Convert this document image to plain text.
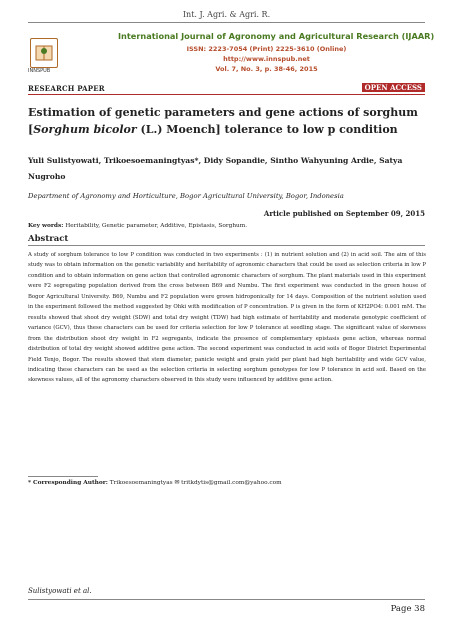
Int. J. Agri. & Agri. R.
INNSPUB
International Journal of Agronomy and Agricultural Research (IJAAR)
ISSN: 2223-7054 (Print) 2225-3610 (Online)
http://www.innspub.net
Vol. 7, No. 3, p. 38-46, 2015
RESEARCH PAPER	OPEN ACCESS
Estimation of genetic parameters and gene actions of sorghum
[Sorghum bicolor (L.) Moench] tolerance to low p condition
Yuli Sulistyowati, Trikoesoemaningtyas*, Didy Sopandie, Sintho Wahyuning Ardie, Satya Nugroho
Department of Agronomy and Horticulture, Bogor Agricultural University, Bogor, Indonesia
Article published on September 09, 2015
Key words: Heritability, Genetic parameter, Additive, Epistasis, Sorghum.
Abstract

A study of sorghum tolerance to low P condition was conducted in two experiments : (1) in nutrient solution and (2) in acid soil. The aim of this study was to obtain information on the genetic variability and heritability of agronomic characters that could be used as selection criteria in low P condition and to obtain information on gene action that controlled agronomic characters of sorghum. The plant materials used in this experiment were F2 segregating population derived from the cross between B69 and Numbu. The first experiment was conducted in the green house of Bogor Agricultural University. B69, Numbu and F2 population were grown hidroponically for 14 days. Composition of the nutrient solution used in the experiment followed the method suggested by Ohki with modification of P concentration. P is given in the form of KH2PO4: 0.001 mM. The results showed that shoot dry weight (SDW) and total dry weight (TDW) had high estimate of heritability and moderate genotypic coefficient of variance (GCV), thus these characters can be used for criteria selection for low P tolerance at seedling stage. The significant value of skewness from the distribution shoot dry weight in F2 segregants, indicate the presence of complementary epistasis gene action, whereas normal distribution of total dry weight showed additive gene action. The second experiment was conducted in acid soils of Bogor District Experimental Field Tenjo, Bogor. The results showed that stem diameter, panicle weight and grain yield per plant had high heritability and wide GCV value, indicating these characters can be used as the selection criteria in selecting sorghum genotypes for low P tolerance in acid soil. Based on the skewness values, all of the agronomy characters observed in this study were influenced by additive gene action.

* Corresponding Author: Trikoesoemaningtyas ✉ tritkdytis@gmail.com@yahoo.com
Sulistyowati et al.
Page 38
